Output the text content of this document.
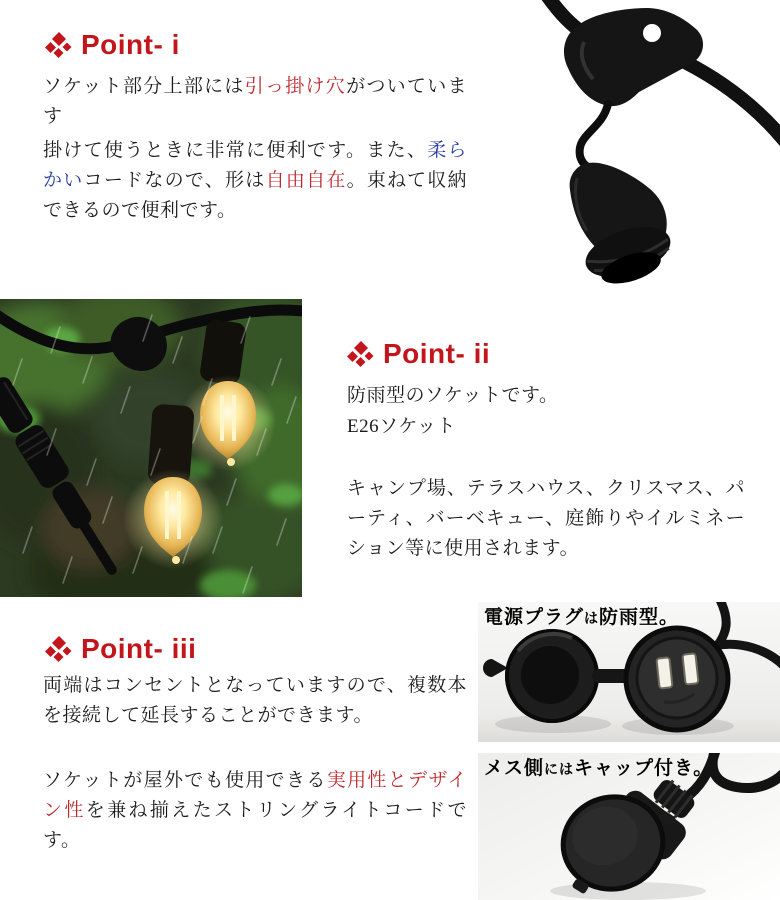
Point- i
ソケット部分上部には引っ掛け穴がついています
掛けて使うときに非常に便利です。また、柔らかいコードなので、形は自由自在。束ねて収納できるので便利です。
Point- ii
防雨型のソケットです。
E26ソケット
キャンプ場、テラスハウス、クリスマス、パーティ、バーベキュー、庭飾りやイルミネーション等に使用されます。
Point- iii
両端はコンセントとなっていますので、複数本を接続して延長することができます。
ソケットが屋外でも使用できる実用性とデザイン性を兼ね揃えたストリングライトコードです。
電源プラグは防雨型。
メス側にはキャップ付き。
